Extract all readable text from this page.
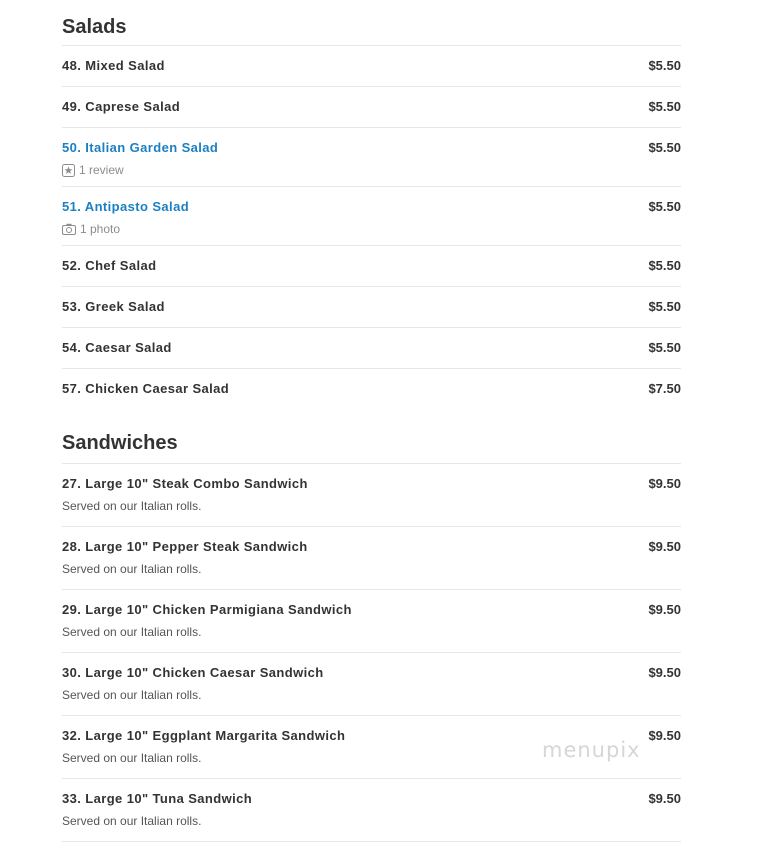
Salads
48. Mixed Salad	$5.50
49. Caprese Salad	$5.50
50. Italian Garden Salad	$5.50
1 review
51. Antipasto Salad	$5.50
1 photo
52. Chef Salad	$5.50
53. Greek Salad	$5.50
54. Caesar Salad	$5.50
57. Chicken Caesar Salad	$7.50
Sandwiches
27. Large 10" Steak Combo Sandwich	$9.50
Served on our Italian rolls.
28. Large 10" Pepper Steak Sandwich	$9.50
Served on our Italian rolls.
29. Large 10" Chicken Parmigiana Sandwich	$9.50
Served on our Italian rolls.
30. Large 10" Chicken Caesar Sandwich	$9.50
Served on our Italian rolls.
32. Large 10" Eggplant Margarita Sandwich	$9.50
Served on our Italian rolls.
33. Large 10" Tuna Sandwich	$9.50
Served on our Italian rolls.
menupix
